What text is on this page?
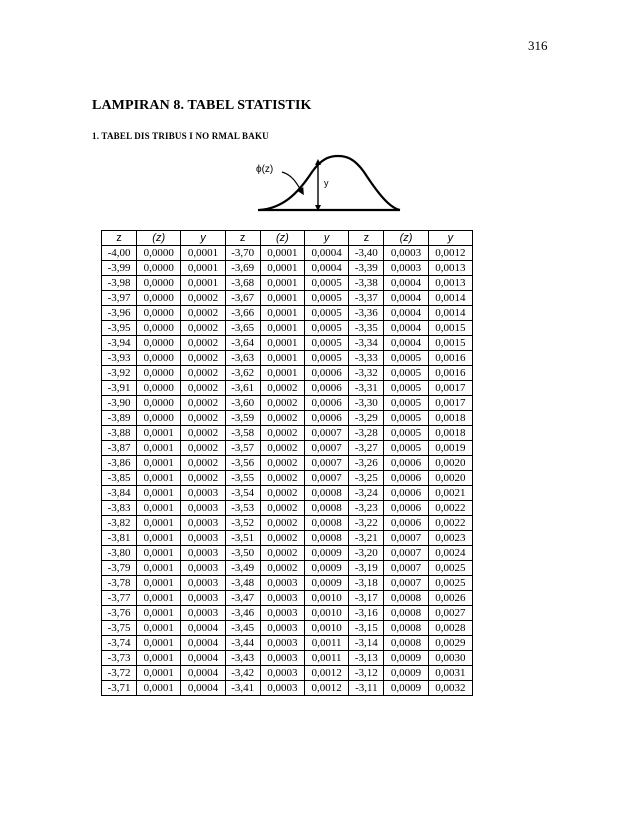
316
LAMPIRAN 8. TABEL STATISTIK
1. TABEL DIS TRIBUS I NO RMAL BAKU
ϕ(z)
y
z	(z)	y	z	(z)	y	z	(z)	y
-4,00	0,0000	0,0001	-3,70	0,0001	0,0004	-3,40	0,0003	0,0012
-3,99	0,0000	0,0001	-3,69	0,0001	0,0004	-3,39	0,0003	0,0013
-3,98	0,0000	0,0001	-3,68	0,0001	0,0005	-3,38	0,0004	0,0013
-3,97	0,0000	0,0002	-3,67	0,0001	0,0005	-3,37	0,0004	0,0014
-3,96	0,0000	0,0002	-3,66	0,0001	0,0005	-3,36	0,0004	0,0014
-3,95	0,0000	0,0002	-3,65	0,0001	0,0005	-3,35	0,0004	0,0015
-3,94	0,0000	0,0002	-3,64	0,0001	0,0005	-3,34	0,0004	0,0015
-3,93	0,0000	0,0002	-3,63	0,0001	0,0005	-3,33	0,0005	0,0016
-3,92	0,0000	0,0002	-3,62	0,0001	0,0006	-3,32	0,0005	0,0016
-3,91	0,0000	0,0002	-3,61	0,0002	0,0006	-3,31	0,0005	0,0017
-3,90	0,0000	0,0002	-3,60	0,0002	0,0006	-3,30	0,0005	0,0017
-3,89	0,0000	0,0002	-3,59	0,0002	0,0006	-3,29	0,0005	0,0018
-3,88	0,0001	0,0002	-3,58	0,0002	0,0007	-3,28	0,0005	0,0018
-3,87	0,0001	0,0002	-3,57	0,0002	0,0007	-3,27	0,0005	0,0019
-3,86	0,0001	0,0002	-3,56	0,0002	0,0007	-3,26	0,0006	0,0020
-3,85	0,0001	0,0002	-3,55	0,0002	0,0007	-3,25	0,0006	0,0020
-3,84	0,0001	0,0003	-3,54	0,0002	0,0008	-3,24	0,0006	0,0021
-3,83	0,0001	0,0003	-3,53	0,0002	0,0008	-3,23	0,0006	0,0022
-3,82	0,0001	0,0003	-3,52	0,0002	0,0008	-3,22	0,0006	0,0022
-3,81	0,0001	0,0003	-3,51	0,0002	0,0008	-3,21	0,0007	0,0023
-3,80	0,0001	0,0003	-3,50	0,0002	0,0009	-3,20	0,0007	0,0024
-3,79	0,0001	0,0003	-3,49	0,0002	0,0009	-3,19	0,0007	0,0025
-3,78	0,0001	0,0003	-3,48	0,0003	0,0009	-3,18	0,0007	0,0025
-3,77	0,0001	0,0003	-3,47	0,0003	0,0010	-3,17	0,0008	0,0026
-3,76	0,0001	0,0003	-3,46	0,0003	0,0010	-3,16	0,0008	0,0027
-3,75	0,0001	0,0004	-3,45	0,0003	0,0010	-3,15	0,0008	0,0028
-3,74	0,0001	0,0004	-3,44	0,0003	0,0011	-3,14	0,0008	0,0029
-3,73	0,0001	0,0004	-3,43	0,0003	0,0011	-3,13	0,0009	0,0030
-3,72	0,0001	0,0004	-3,42	0,0003	0,0012	-3,12	0,0009	0,0031
-3,71	0,0001	0,0004	-3,41	0,0003	0,0012	-3,11	0,0009	0,0032
